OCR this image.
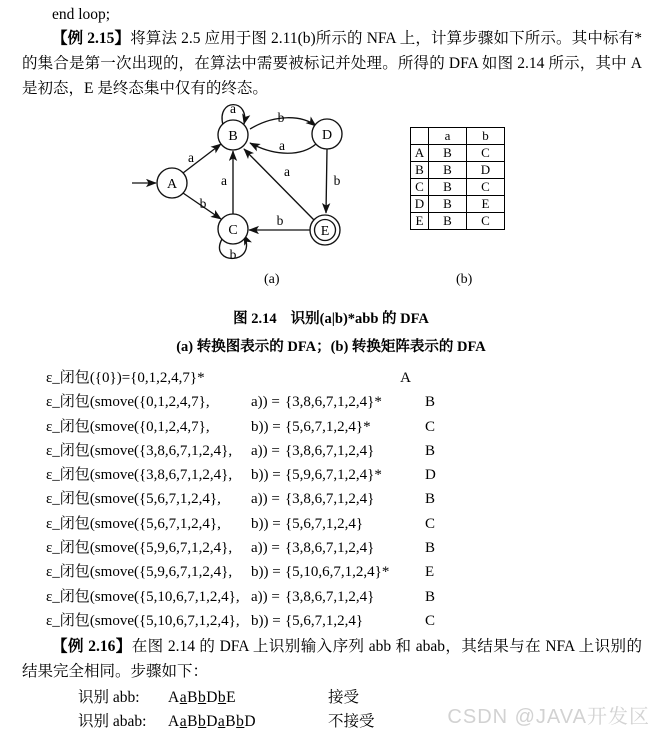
end loop;
【例 2.15】将算法 2.5 应用于图 2.11(b)所示的 NFA 上，计算步骤如下所示。其中标有*的集合是第一次出现的，在算法中需要被标记并处理。所得的 DFA 如图 2.14 所示，其中 A 是初态，E 是终态集中仅有的终态。
A
B
C
D
E
a
b
a
b
a
a
b
b
a
b
	a	b
A	B	C
B	B	D
C	B	C
D	B	E
E	B	C
(a)	(b)
图 2.14 识别(a|b)*abb 的 DFA
(a) 转换图表示的 DFA；(b) 转换矩阵表示的 DFA
ε_闭包 ({0})= {0,1,2,4,7}*	A
ε_闭包 (smove( {0,1,2,4,7},	a)) = {3,8,6,7,1,2,4}*	B
ε_闭包 (smove( {0,1,2,4,7},	b)) = {5,6,7,1,2,4}*	C
ε_闭包 (smove( {3,8,6,7,1,2,4},	a)) = {3,8,6,7,1,2,4}	B
ε_闭包 (smove( {3,8,6,7,1,2,4},	b)) = {5,9,6,7,1,2,4}*	D
ε_闭包 (smove( {5,6,7,1,2,4},	a)) = {3,8,6,7,1,2,4}	B
ε_闭包 (smove( {5,6,7,1,2,4},	b)) = {5,6,7,1,2,4}	C
ε_闭包 (smove( {5,9,6,7,1,2,4},	a)) = {3,8,6,7,1,2,4}	B
ε_闭包 (smove( {5,9,6,7,1,2,4},	b)) = {5,10,6,7,1,2,4}*	E
ε_闭包 (smove( {5,10,6,7,1,2,4}, a)) = {3,8,6,7,1,2,4}	B
ε_闭包 (smove( {5,10,6,7,1,2,4}, b)) = {5,6,7,1,2,4}	C
【例 2.16】在图 2.14 的 DFA 上识别输入序列 abb 和 abab，其结果与在 NFA 上识别的结果完全相同。步骤如下：
识别 abb:	AaBbDbE	接受
识别 abab:	AaBbDaBbD	不接受	CSDN @JAVA开发区
